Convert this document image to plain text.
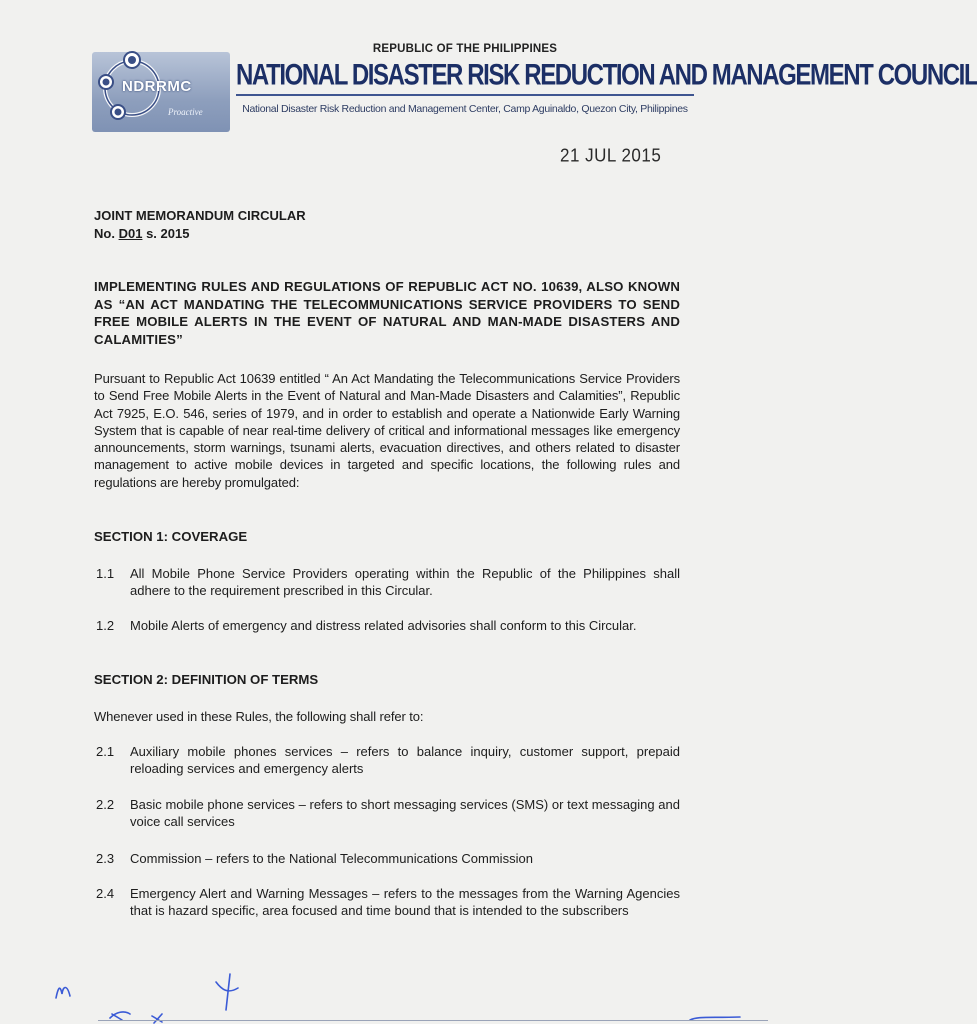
NDRRMC
Proactive
REPUBLIC OF THE PHILIPPINES
NATIONAL DISASTER RISK REDUCTION AND MANAGEMENT COUNCIL
National Disaster Risk Reduction and Management Center, Camp Aguinaldo, Quezon City, Philippines
21 JUL 2015
JOINT MEMORANDUM CIRCULAR
No. D01 s. 2015
IMPLEMENTING RULES AND REGULATIONS OF REPUBLIC ACT NO. 10639, ALSO KNOWN AS “AN ACT MANDATING THE TELECOMMUNICATIONS SERVICE PROVIDERS TO SEND FREE MOBILE ALERTS IN THE EVENT OF NATURAL AND MAN-MADE DISASTERS AND CALAMITIES”
Pursuant to Republic Act 10639 entitled “ An Act Mandating the Telecommunications Service Providers to Send Free Mobile Alerts in the Event of Natural and Man-Made Disasters and Calamities”, Republic Act 7925, E.O. 546, series of 1979, and in order to establish and operate a Nationwide Early Warning System that is capable of near real-time delivery of critical and informational messages like emergency announcements, storm warnings, tsunami alerts, evacuation directives, and others related to disaster management to active mobile devices in targeted and specific locations, the following rules and regulations are hereby promulgated:
SECTION 1: COVERAGE
1.1	All Mobile Phone Service Providers operating within the Republic of the Philippines shall adhere to the requirement prescribed in this Circular.
1.2	Mobile Alerts of emergency and distress related advisories shall conform to this Circular.
SECTION 2: DEFINITION OF TERMS
Whenever used in these Rules, the following shall refer to:
2.1	Auxiliary mobile phones services – refers to balance inquiry, customer support, prepaid reloading services and emergency alerts
2.2	Basic mobile phone services – refers to short messaging services (SMS) or text messaging and voice call services
2.3	Commission – refers to the National Telecommunications Commission
2.4	Emergency Alert and Warning Messages – refers to the messages from the Warning Agencies that is hazard specific, area focused and time bound that is intended to the subscribers
